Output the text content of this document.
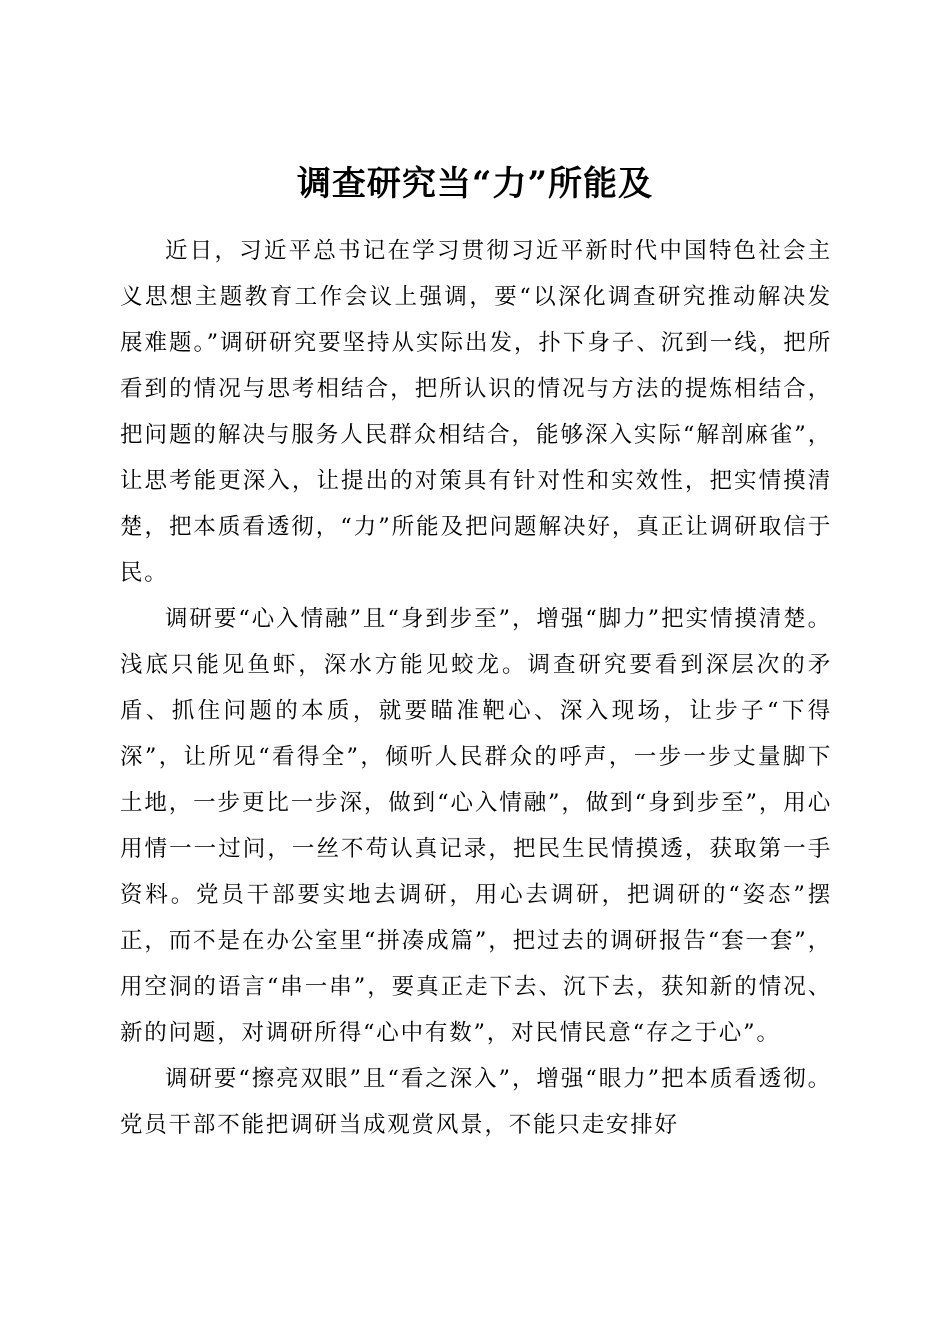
调查研究当“力”所能及

近日，习近平总书记在学习贯彻习近平新时代中国特色社会主义思想主题教育工作会议上强调，要“以深化调查研究推动解决发展难题。”调研研究要坚持从实际出发，扑下身子、沉到一线，把所看到的情况与思考相结合，把所认识的情况与方法的提炼相结合，把问题的解决与服务人民群众相结合，能够深入实际“解剖麻雀”，让思考能更深入，让提出的对策具有针对性和实效性，把实情摸清楚，把本质看透彻，“力”所能及把问题解决好，真正让调研取信于民。

调研要“心入情融”且“身到步至”，增强“脚力”把实情摸清楚。浅底只能见鱼虾，深水方能见蛟龙。调查研究要看到深层次的矛盾、抓住问题的本质，就要瞄准靶心、深入现场，让步子“下得深”，让所见“看得全”，倾听人民群众的呼声，一步一步丈量脚下土地，一步更比一步深，做到“心入情融”，做到“身到步至”，用心用情一一过问，一丝不苟认真记录，把民生民情摸透，获取第一手资料。党员干部要实地去调研，用心去调研，把调研的“姿态”摆正，而不是在办公室里“拼凑成篇”，把过去的调研报告“套一套”，用空洞的语言“串一串”，要真正走下去、沉下去，获知新的情况、新的问题，对调研所得“心中有数”，对民情民意“存之于心”。

调研要“擦亮双眼”且“看之深入”，增强“眼力”把本质看透彻。党员干部不能把调研当成观赏风景，不能只走安排好
